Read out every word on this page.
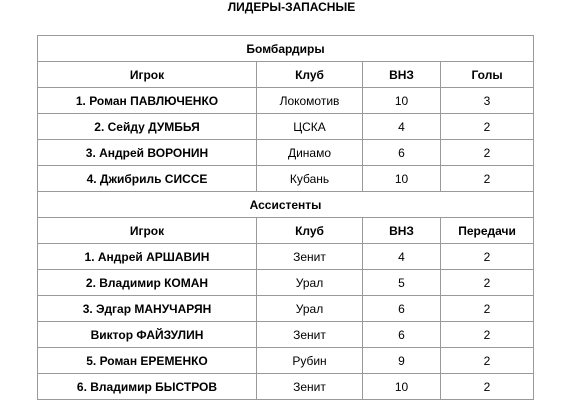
ЛИДЕРЫ-ЗАПАСНЫЕ
Бомбардиры			
Игрок	Клуб	ВНЗ	Голы
1. Роман ПАВЛЮЧЕНКО	Локомотив	10	3
2. Сейду ДУМБЬЯ	ЦСКА	4	2
3. Андрей ВОРОНИН	Динамо	6	2
4. Джибриль СИССЕ	Кубань	10	2
Ассистенты			
Игрок	Клуб	ВНЗ	Передачи
1. Андрей АРШАВИН	Зенит	4	2
2. Владимир КОМАН	Урал	5	2
3. Эдгар МАНУЧАРЯН	Урал	6	2
Виктор ФАЙЗУЛИН	Зенит	6	2
5. Роман ЕРЕМЕНКО	Рубин	9	2
6. Владимир БЫСТРОВ	Зенит	10	2
